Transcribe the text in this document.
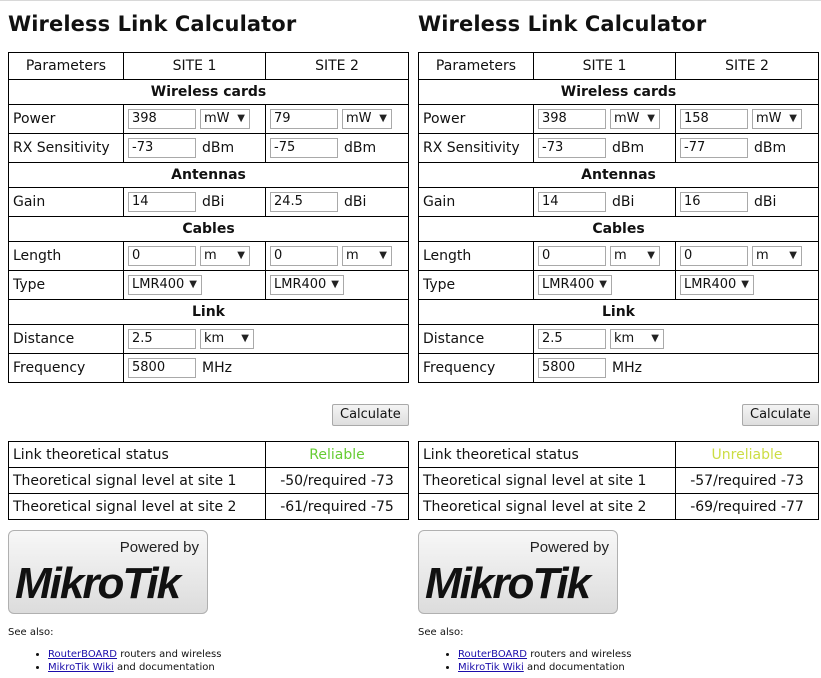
Wireless Link Calculator
Parameters	SITE 1	SITE 2
Wireless cards		
Power	398 mW ▼	79 mW ▼

RX Sensitivity	-73 dBm	-75 dBm
Antennas		
Gain	14 dBi	24.5 dBi
Cables		
Length	0 m ▼	0 m ▼

Type	LMR400 ▼	LMR400 ▼

Link		
Distance	2.5 km ▼	

Frequency	5800 MHz	
Calculate
Link theoretical status	Reliable
Theoretical signal level at site 1	-50/required -73
Theoretical signal level at site 2	-61/required -75
Powered by
MikroTik
See also:
• RouterBOARD routers and wireless
• MikroTik Wiki and documentation
Wireless Link Calculator
Parameters	SITE 1	SITE 2
Wireless cards		
Power	398 mW ▼	158 mW ▼

RX Sensitivity	-73 dBm	-77 dBm
Antennas		
Gain	14 dBi	16 dBi
Cables		
Length	0 m ▼	0 m ▼

Type	LMR400 ▼	LMR400 ▼

Link		
Distance	2.5 km ▼	

Frequency	5800 MHz	
Calculate
Link theoretical status	Unreliable
Theoretical signal level at site 1	-57/required -73
Theoretical signal level at site 2	-69/required -77
Powered by
MikroTik
See also:
• RouterBOARD routers and wireless
• MikroTik Wiki and documentation
